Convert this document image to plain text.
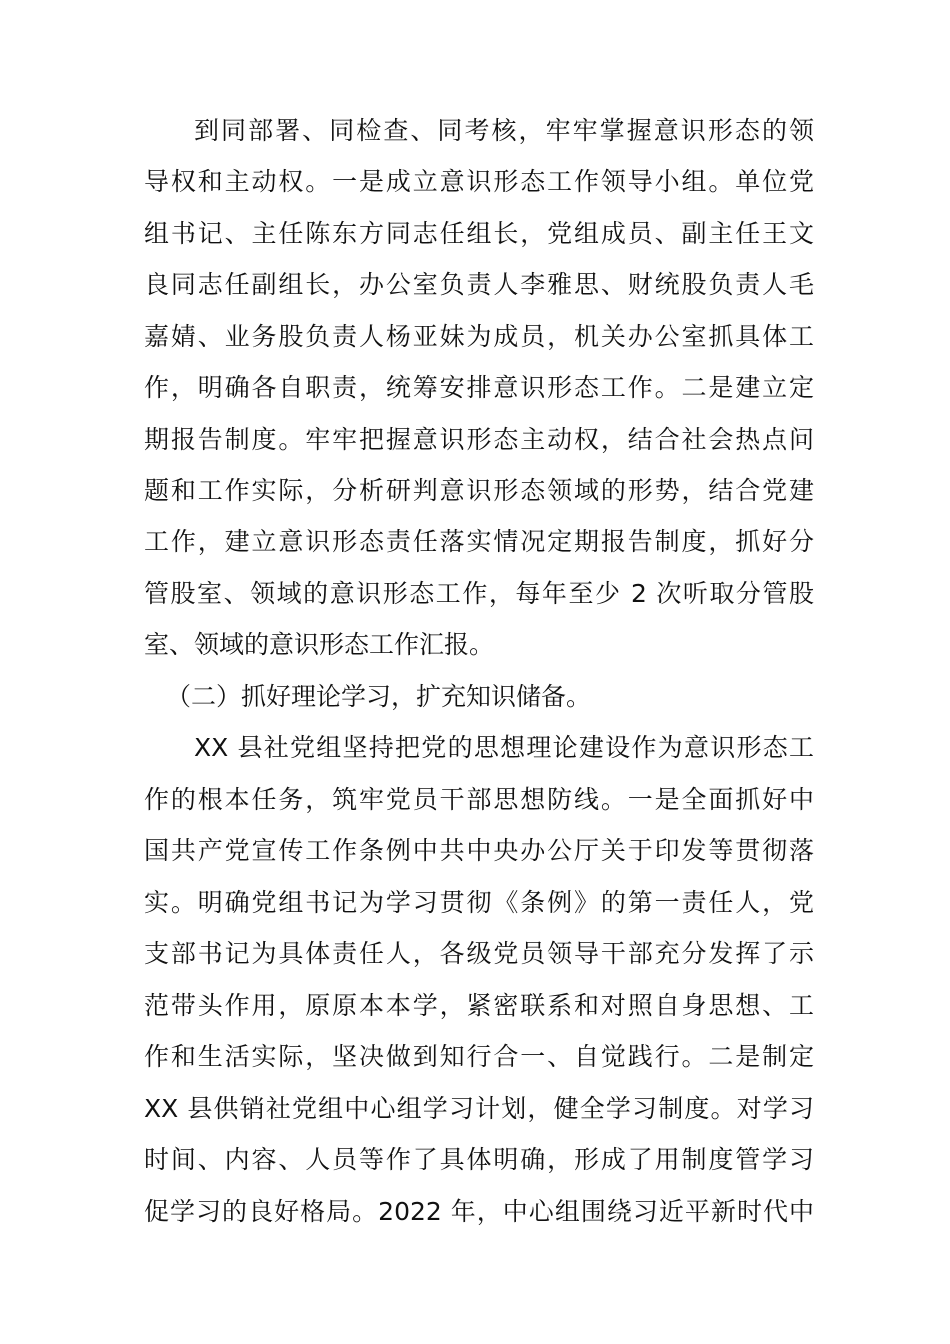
到同部署、同检查、同考核，牢牢掌握意识形态的领

导权和主动权。一是成立意识形态工作领导小组。单位党

组书记、主任陈东方同志任组长，党组成员、副主任王文

良同志任副组长，办公室负责人李雅思、财统股负责人毛

嘉婧、业务股负责人杨亚妹为成员，机关办公室抓具体工

作，明确各自职责，统筹安排意识形态工作。二是建立定

期报告制度。牢牢把握意识形态主动权，结合社会热点问

题和工作实际，分析研判意识形态领域的形势，结合党建

工作，建立意识形态责任落实情况定期报告制度，抓好分

管股室、领域的意识形态工作，每年至少 2 次听取分管股

室、领域的意识形态工作汇报。

（二）抓好理论学习，扩充知识储备。

XX 县社党组坚持把党的思想理论建设作为意识形态工

作的根本任务，筑牢党员干部思想防线。一是全面抓好中

国共产党宣传工作条例中共中央办公厅关于印发等贯彻落

实。明确党组书记为学习贯彻《条例》的第一责任人，党

支部书记为具体责任人，各级党员领导干部充分发挥了示

范带头作用，原原本本学，紧密联系和对照自身思想、工

作和生活实际，坚决做到知行合一、自觉践行。二是制定

XX 县供销社党组中心组学习计划，健全学习制度。对学习

时间、内容、人员等作了具体明确，形成了用制度管学习

促学习的良好格局。2022 年，中心组围绕习近平新时代中
